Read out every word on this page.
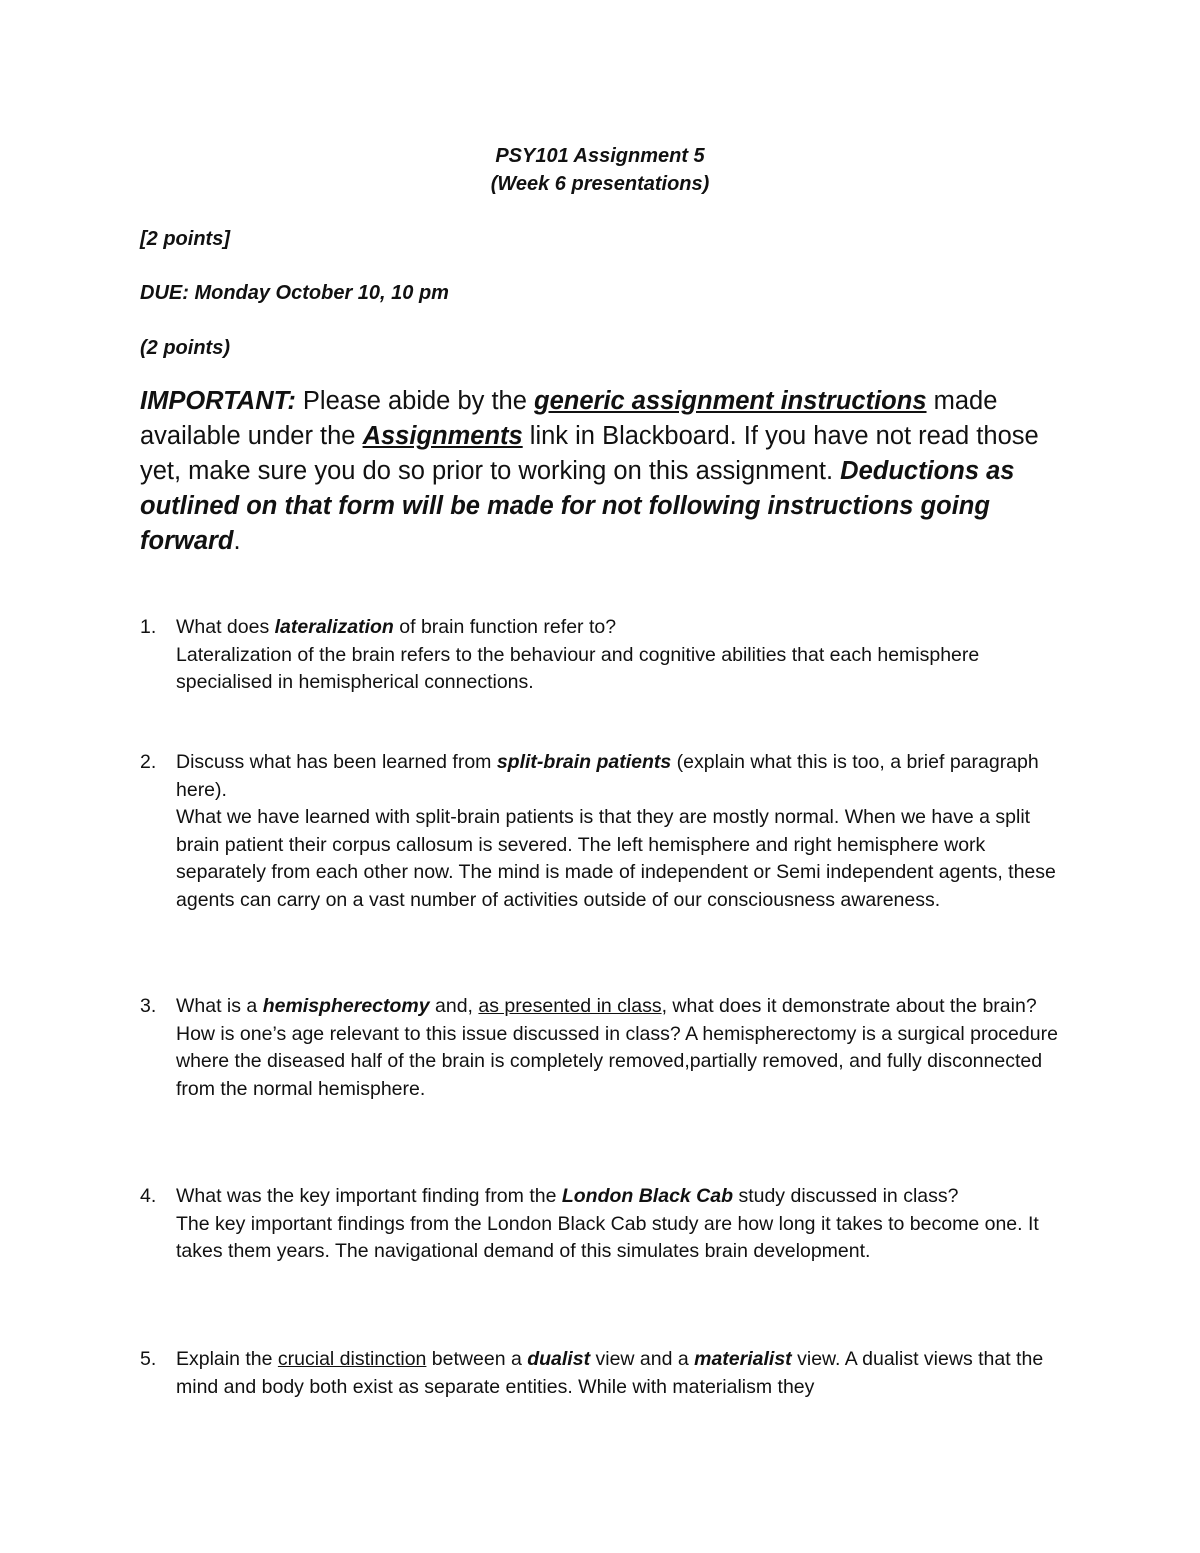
PSY101 Assignment 5
(Week 6 presentations)
[2 points]
DUE: Monday October 10, 10 pm
(2 points)
IMPORTANT: Please abide by the generic assignment instructions made available under the Assignments link in Blackboard. If you have not read those yet, make sure you do so prior to working on this assignment. Deductions as outlined on that form will be made for not following instructions going forward.
1.	What does lateralization of brain function refer to?

Lateralization of the brain refers to the behaviour and cognitive abilities that each hemisphere specialised in hemispherical connections.

2.	Discuss what has been learned from split-brain patients (explain what this is too, a brief paragraph here).

What we have learned with split-brain patients is that they are mostly normal. When we have a split brain patient their corpus callosum is severed. The left hemisphere and right hemisphere work separately from each other now. The mind is made of independent or Semi independent agents, these agents can carry on a vast number of activities outside of our consciousness awareness.

3.	What is a hemispherectomy and, as presented in class, what does it demonstrate about the brain? How is one’s age relevant to this issue discussed in class? A hemispherectomy is a surgical procedure where the diseased half of the brain is completely removed,partially removed, and fully disconnected from the normal hemisphere.

4.	What was the key important finding from the London Black Cab study discussed in class?

The key important findings from the London Black Cab study are how long it takes to become one. It takes them years. The navigational demand of this simulates brain development.

5.	Explain the crucial distinction between a dualist view and a materialist view. A dualist views that the mind and body both exist as separate entities. While with materialism they
